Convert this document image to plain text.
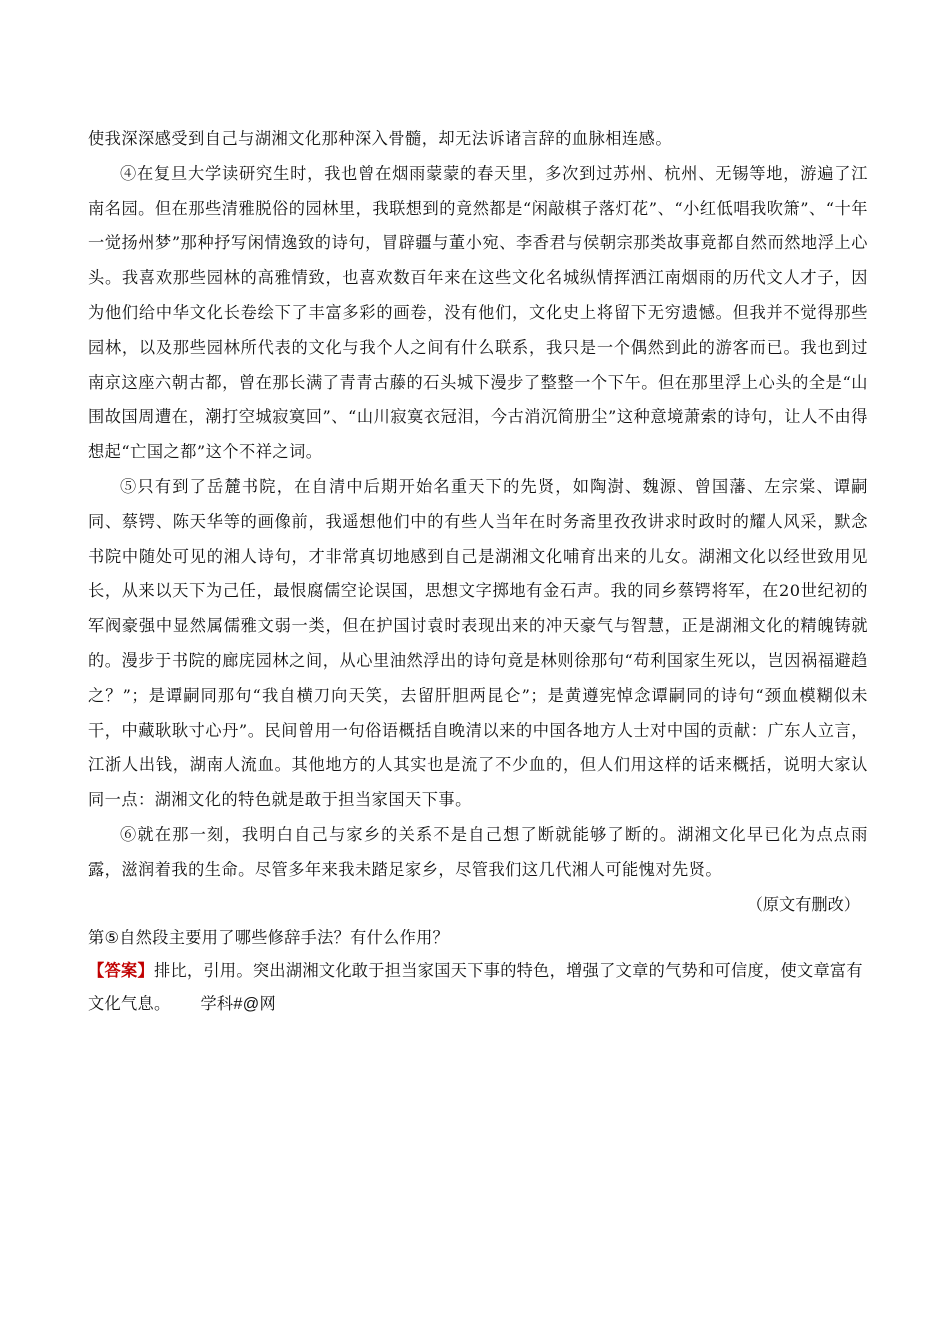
使我深深感受到自己与湖湘文化那种深入骨髓，却无法诉诸言辞的血脉相连感。

④在复旦大学读研究生时，我也曾在烟雨蒙蒙的春天里，多次到过苏州、杭州、无锡等地，游遍了江南名园。但在那些清雅脱俗的园林里，我联想到的竟然都是“闲敲棋子落灯花”、“小红低唱我吹箫”、“十年一觉扬州梦”那种抒写闲情逸致的诗句，冒辟疆与董小宛、李香君与侯朝宗那类故事竟都自然而然地浮上心头。我喜欢那些园林的高雅情致，也喜欢数百年来在这些文化名城纵情挥洒江南烟雨的历代文人才子，因为他们给中华文化长卷绘下了丰富多彩的画卷，没有他们，文化史上将留下无穷遗憾。但我并不觉得那些园林，以及那些园林所代表的文化与我个人之间有什么联系，我只是一个偶然到此的游客而已。我也到过南京这座六朝古都，曾在那长满了青青古藤的石头城下漫步了整整一个下午。但在那里浮上心头的全是“山围故国周遭在，潮打空城寂寞回”、“山川寂寞衣冠泪，今古消沉简册尘”这种意境萧索的诗句，让人不由得想起“亡国之都”这个不祥之词。

⑤只有到了岳麓书院，在自清中后期开始名重天下的先贤，如陶澍、魏源、曾国藩、左宗棠、谭嗣同、蔡锷、陈天华等的画像前，我遥想他们中的有些人当年在时务斋里孜孜讲求时政时的耀人风采，默念书院中随处可见的湘人诗句，才非常真切地感到自己是湖湘文化哺育出来的儿女。湖湘文化以经世致用见长，从来以天下为己任，最恨腐儒空论误国，思想文字掷地有金石声。我的同乡蔡锷将军，在20世纪初的军阀豪强中显然属儒雅文弱一类，但在护国讨袁时表现出来的冲天豪气与智慧，正是湖湘文化的精魄铸就的。漫步于书院的廊庑园林之间，从心里油然浮出的诗句竟是林则徐那句“苟利国家生死以，岂因祸福避趋之？”；是谭嗣同那句“我自横刀向天笑，去留肝胆两昆仑”；是黄遵宪悼念谭嗣同的诗句“颈血模糊似未干，中藏耿耿寸心丹”。民间曾用一句俗语概括自晚清以来的中国各地方人士对中国的贡献：广东人立言，江浙人出钱，湖南人流血。其他地方的人其实也是流了不少血的，但人们用这样的话来概括，说明大家认同一点：湖湘文化的特色就是敢于担当家国天下事。

⑥就在那一刻，我明白自己与家乡的关系不是自己想了断就能够了断的。湖湘文化早已化为点点雨露，滋润着我的生命。尽管多年来我未踏足家乡，尽管我们这几代湘人可能愧对先贤。

（原文有删改）

第⑤自然段主要用了哪些修辞手法？有什么作用？

【答案】排比，引用。突出湖湘文化敢于担当家国天下事的特色，增强了文章的气势和可信度，使文章富有文化气息。 学科#@网
